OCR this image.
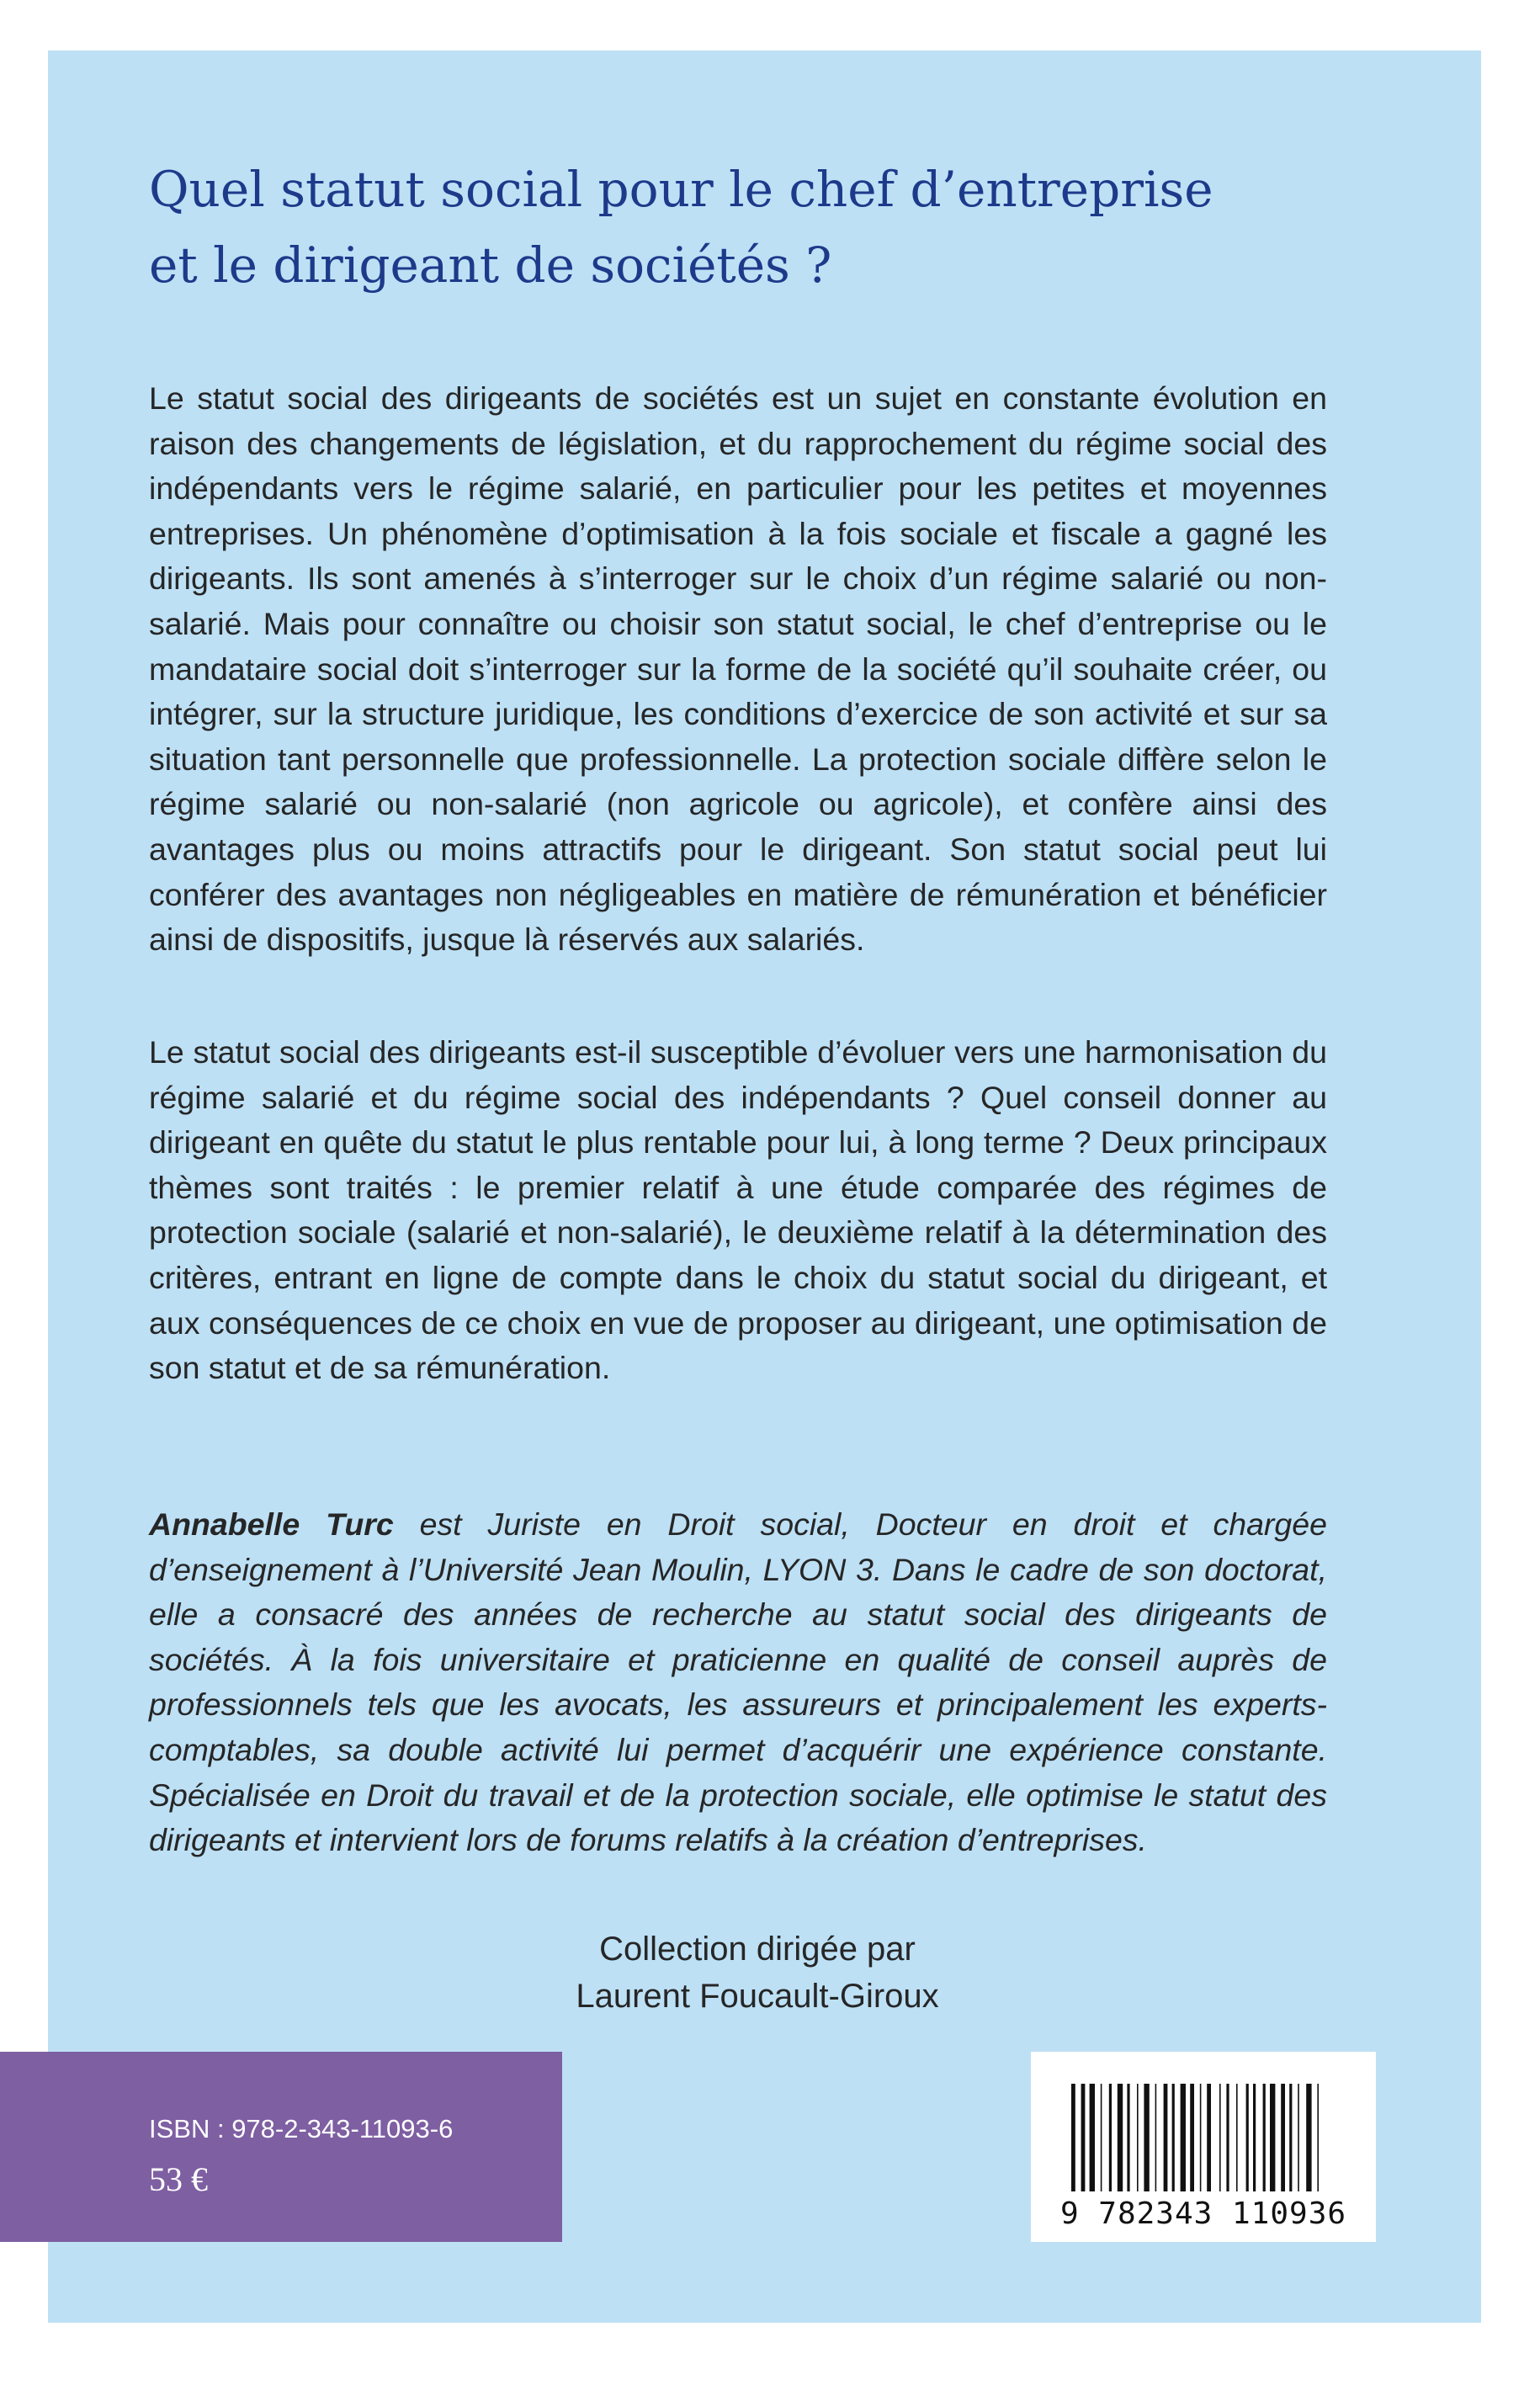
Quel statut social pour le chef d’entreprise
et le dirigeant de sociétés ?

Le statut social des dirigeants de sociétés est un sujet en constante évolution en raison des changements de législation, et du rapprochement du régime social des indépendants vers le régime salarié, en particulier pour les petites et moyennes entreprises. Un phénomène d’optimisation à la fois sociale et fiscale a gagné les dirigeants. Ils sont amenés à s’interroger sur le choix d’un régime salarié ou non-salarié. Mais pour connaître ou choisir son statut social, le chef d’entreprise ou le mandataire social doit s’interroger sur la forme de la société qu’il souhaite créer, ou intégrer, sur la structure juridique, les conditions d’exercice de son activité et sur sa situation tant personnelle que professionnelle. La protection sociale diffère selon le régime salarié ou non-salarié (non agricole ou agricole), et confère ainsi des avantages plus ou moins attractifs pour le dirigeant. Son statut social peut lui conférer des avantages non négligeables en matière de rémunération et bénéficier ainsi de dispositifs, jusque là réservés aux salariés.

Le statut social des dirigeants est-il susceptible d’évoluer vers une harmonisation du régime salarié et du régime social des indépendants ? Quel conseil donner au dirigeant en quête du statut le plus rentable pour lui, à long terme ? Deux principaux thèmes sont traités : le premier relatif à une étude comparée des régimes de protection sociale (salarié et non-salarié), le deuxième relatif à la détermination des critères, entrant en ligne de compte dans le choix du statut social du dirigeant, et aux conséquences de ce choix en vue de proposer au dirigeant, une optimisation de son statut et de sa rémunération.

Annabelle Turc est Juriste en Droit social, Docteur en droit et chargée d’enseignement à l’Université Jean Moulin, LYON 3. Dans le cadre de son doctorat, elle a consacré des années de recherche au statut social des dirigeants de sociétés. À la fois universitaire et praticienne en qualité de conseil auprès de professionnels tels que les avocats, les assureurs et principalement les experts-comptables, sa double activité lui permet d’acquérir une expérience constante. Spécialisée en Droit du travail et de la protection sociale, elle optimise le statut des dirigeants et intervient lors de forums relatifs à la création d’entreprises.

Collection dirigée par
Laurent Foucault-Giroux
ISBN : 978-2-343-11093-6
53 €
9 782343 110936
